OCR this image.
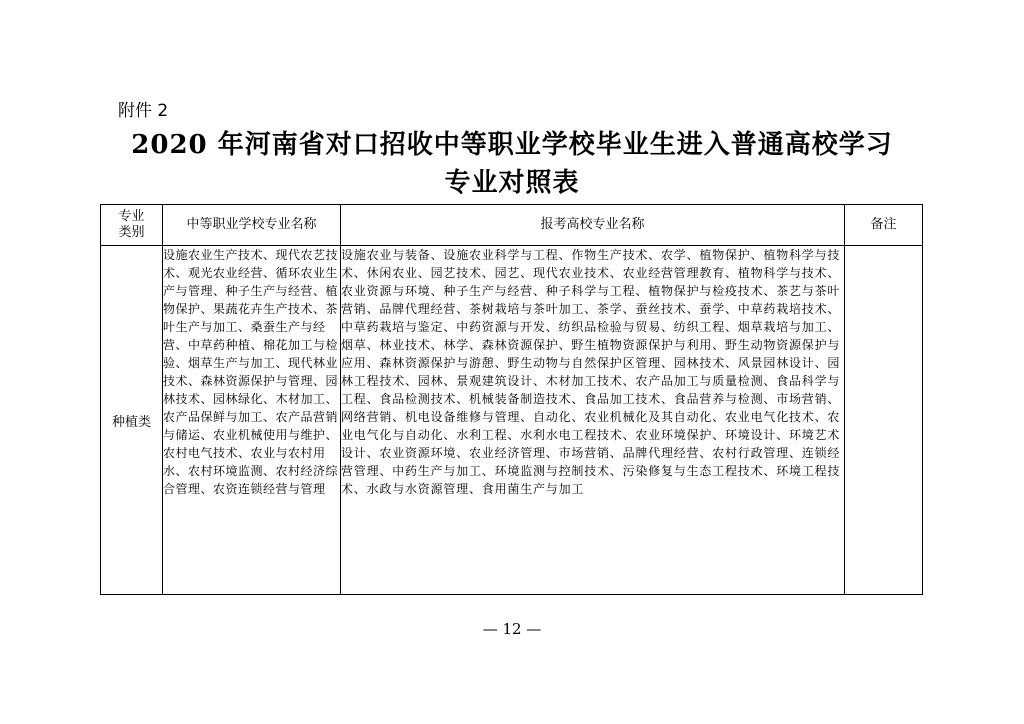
附件 2
2020 年河南省对口招收中等职业学校毕业生进入普通高校学习
专业对照表
专业
类别	中等职业学校专业名称	报考高校专业名称	备注
种植类	设施农业生产技术、现代农艺技术、观光农业经营、循环农业生产与管理、种子生产与经营、植物保护、果蔬花卉生产技术、茶叶生产与加工、桑蚕生产与经营、中草药种植、棉花加工与检验、烟草生产与加工、现代林业技术、森林资源保护与管理、园林技术、园林绿化、木材加工、农产品保鲜与加工、农产品营销与储运、农业机械使用与维护、农村电气技术、农业与农村用水、农村环境监测、农村经济综合管理、农资连锁经营与管理	设施农业与装备、设施农业科学与工程、作物生产技术、农学、植物保护、植物科学与技术、休闲农业、园艺技术、园艺、现代农业技术、农业经营管理教育、植物科学与技术、农业资源与环境、种子生产与经营、种子科学与工程、植物保护与检疫技术、茶艺与茶叶营销、品牌代理经营、茶树栽培与茶叶加工、茶学、蚕丝技术、蚕学、中草药栽培技术、中草药栽培与鉴定、中药资源与开发、纺织品检验与贸易、纺织工程、烟草栽培与加工、烟草、林业技术、林学、森林资源保护、野生植物资源保护与利用、野生动物资源保护与应用、森林资源保护与游憩、野生动物与自然保护区管理、园林技术、风景园林设计、园林工程技术、园林、景观建筑设计、木材加工技术、农产品加工与质量检测、食品科学与工程、食品检测技术、机械装备制造技术、食品加工技术、食品营养与检测、市场营销、网络营销、机电设备维修与管理、自动化、农业机械化及其自动化、农业电气化技术、农业电气化与自动化、水利工程、水利水电工程技术、农业环境保护、环境设计、环境艺术设计、农业资源环境、农业经济管理、市场营销、品牌代理经营、农村行政管理、连锁经营管理、中药生产与加工、环境监测与控制技术、污染修复与生态工程技术、环境工程技术、水政与水资源管理、食用菌生产与加工	
— 12 —
